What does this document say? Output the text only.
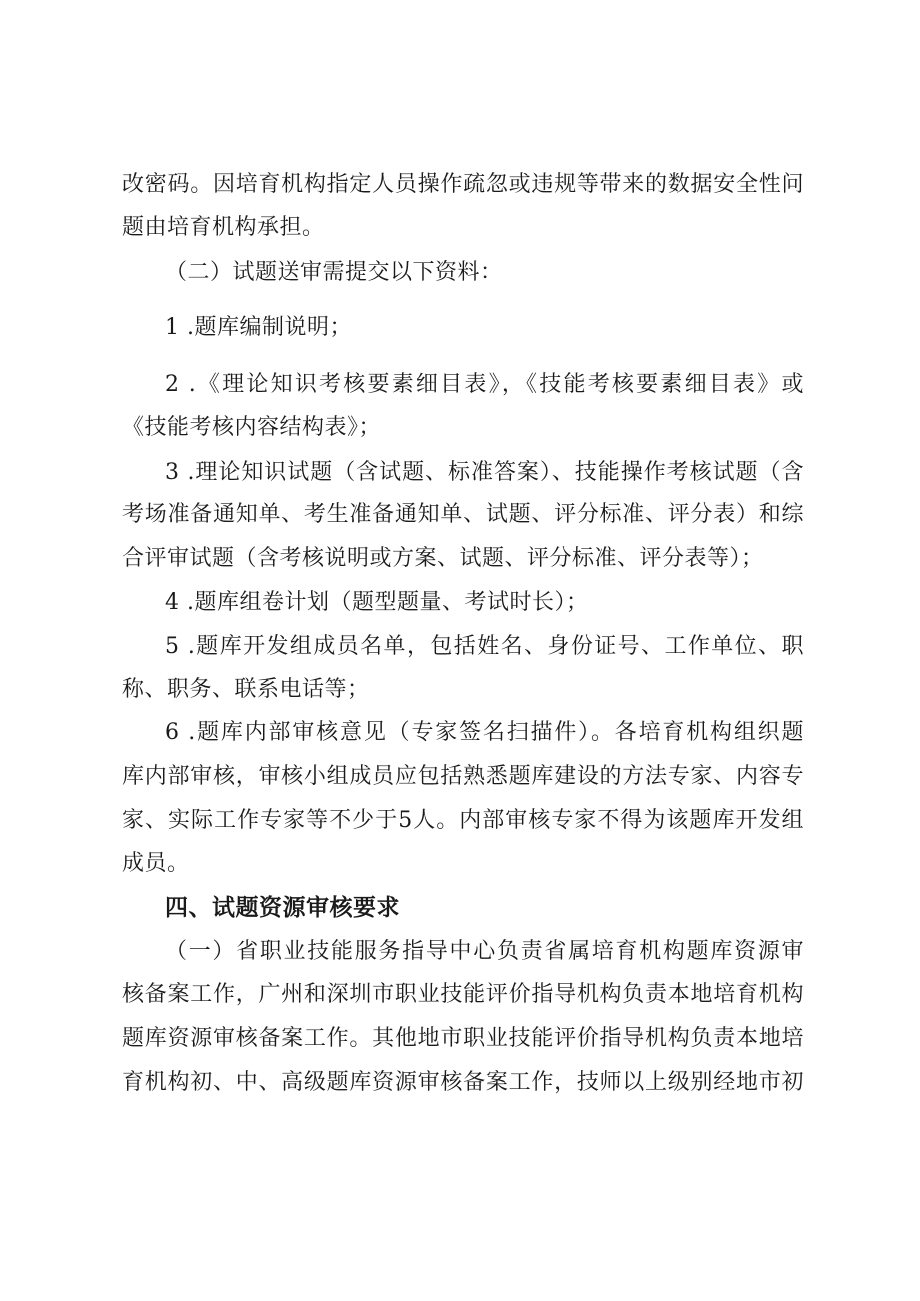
改密码。因培育机构指定人员操作疏忽或违规等带来的数据安全性问
题由培育机构承担。
（二）试题送审需提交以下资料：
1 .题库编制说明；
2 .《理论知识考核要素细目表》，《技能考核要素细目表》或
《技能考核内容结构表》；
3 .理论知识试题（含试题、标准答案）、技能操作考核试题（含
考场准备通知单、考生准备通知单、试题、评分标准、评分表）和综
合评审试题（含考核说明或方案、试题、评分标准、评分表等）；
4 .题库组卷计划（题型题量、考试时长）；
5 .题库开发组成员名单，包括姓名、身份证号、工作单位、职
称、职务、联系电话等；
6 .题库内部审核意见（专家签名扫描件）。各培育机构组织题
库内部审核，审核小组成员应包括熟悉题库建设的方法专家、内容专
家、实际工作专家等不少于5人。内部审核专家不得为该题库开发组
成员。
四、试题资源审核要求
（一）省职业技能服务指导中心负责省属培育机构题库资源审
核备案工作，广州和深圳市职业技能评价指导机构负责本地培育机构
题库资源审核备案工作。其他地市职业技能评价指导机构负责本地培
育机构初、中、高级题库资源审核备案工作，技师以上级别经地市初
